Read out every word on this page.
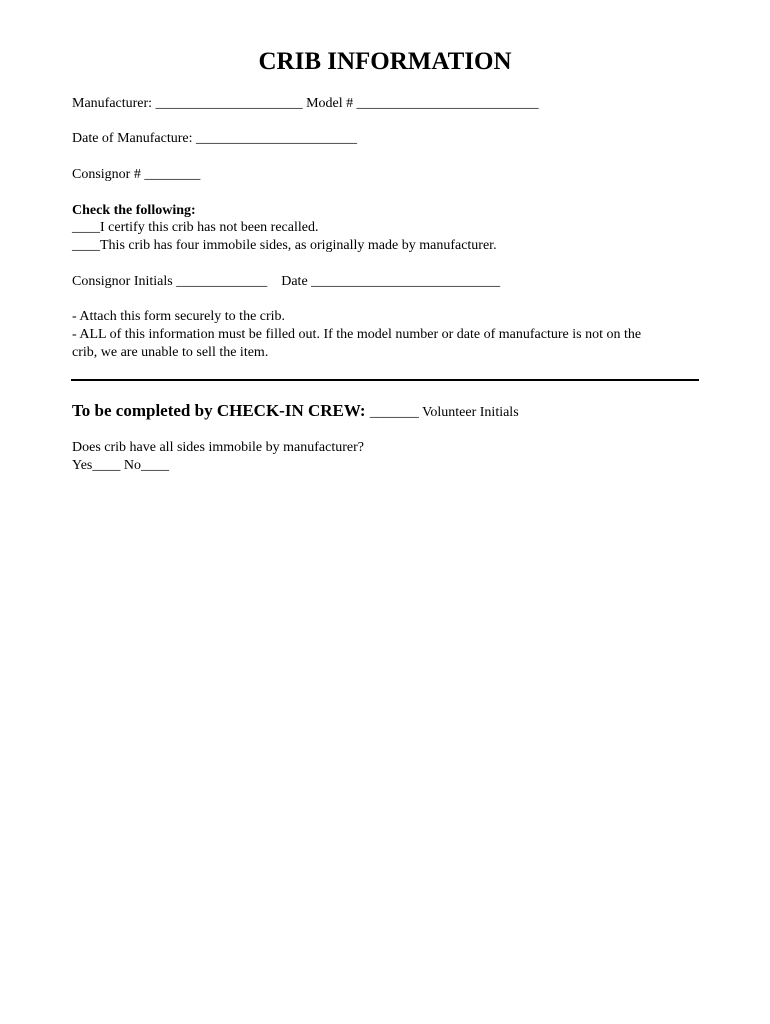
CRIB INFORMATION
Manufacturer: _____________________ Model # __________________________
Date of Manufacture: _______________________
Consignor # ________
Check the following:
____I certify this crib has not been recalled.
____This crib has four immobile sides, as originally made by manufacturer.
Consignor Initials _____________ Date ___________________________
- Attach this form securely to the crib.
- ALL of this information must be filled out. If the model number or date of manufacture is not on the
crib, we are unable to sell the item.
To be completed by CHECK-IN CREW: _______ Volunteer Initials
Does crib have all sides immobile by manufacturer?
Yes____ No____
